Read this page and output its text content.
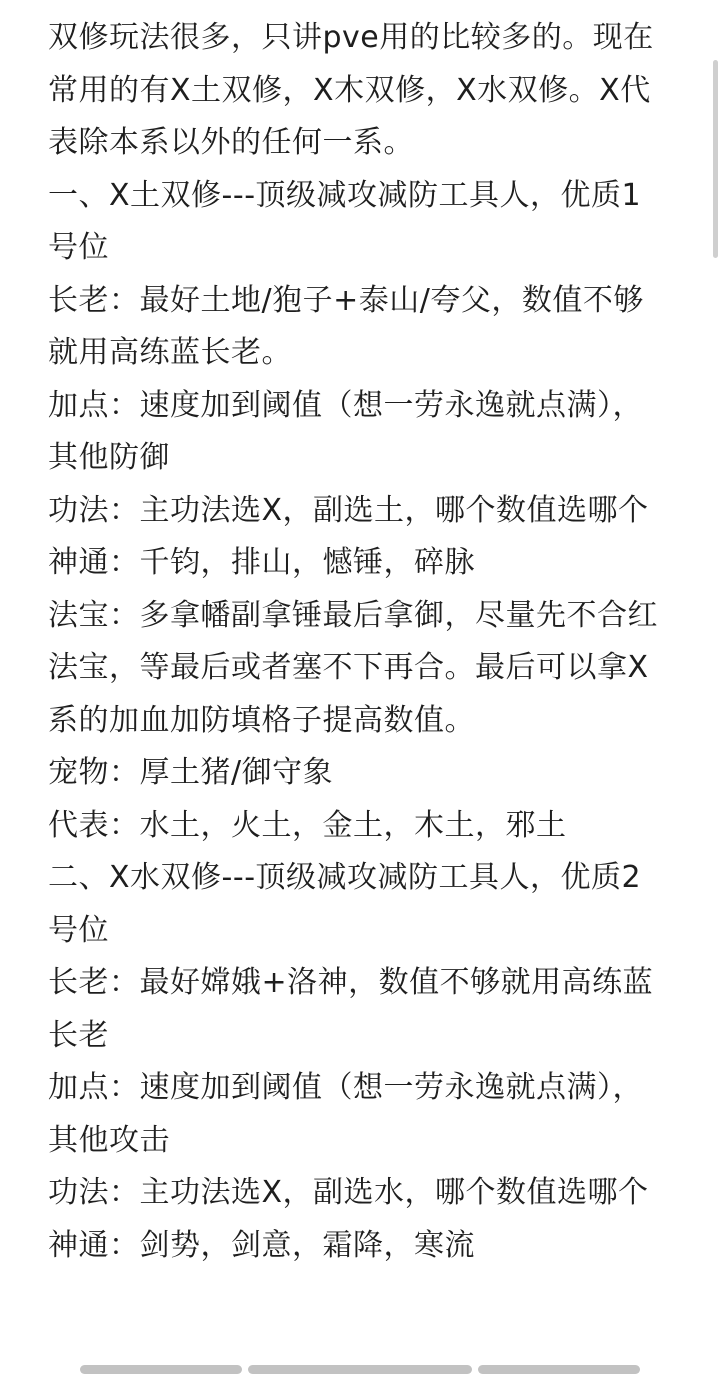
双修玩法很多，只讲pve用的比较多的。现在常用的有X土双修，X木双修，X水双修。X代表除本系以外的任何一系。

一、X土双修---顶级减攻减防工具人，优质1号位

长老：最好土地/狍子+泰山/夸父，数值不够就用高练蓝长老。

加点：速度加到阈值（想一劳永逸就点满），其他防御

功法：主功法选X，副选土，哪个数值选哪个

神通：千钧，排山，憾锤，碎脉

法宝：多拿幡副拿锤最后拿御，尽量先不合红法宝，等最后或者塞不下再合。最后可以拿X系的加血加防填格子提高数值。

宠物：厚土猪/御守象

代表：水土，火土，金土，木土，邪土

二、X水双修---顶级减攻减防工具人，优质2号位

长老：最好嫦娥+洛神，数值不够就用高练蓝长老

加点：速度加到阈值（想一劳永逸就点满），其他攻击

功法：主功法选X，副选水，哪个数值选哪个

神通：剑势，剑意，霜降，寒流
